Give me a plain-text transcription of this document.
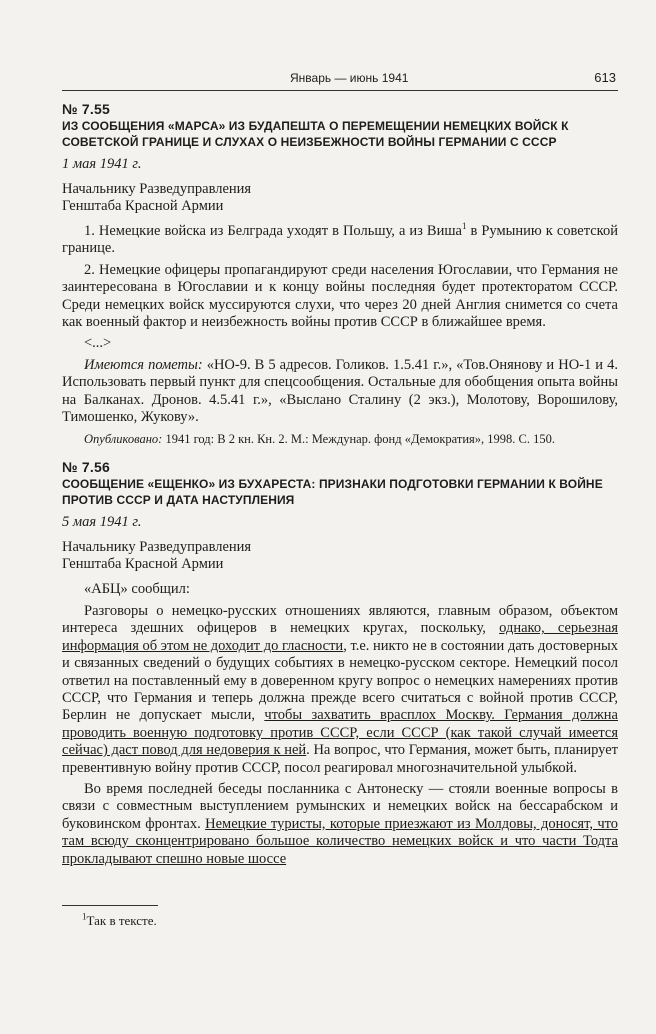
Январь — июнь 1941	613
№ 7.55
ИЗ СООБЩЕНИЯ «МАРСА» ИЗ БУДАПЕШТА О ПЕРЕМЕЩЕНИИ НЕМЕЦКИХ ВОЙСК К СОВЕТСКОЙ ГРАНИЦЕ И СЛУХАХ О НЕИЗБЕЖНОСТИ ВОЙНЫ ГЕРМАНИИ С СССР
1 мая 1941 г.
Начальнику Разведуправления
Генштаба Красной Армии

1. Немецкие войска из Белграда уходят в Польшу, а из Виша$^1$ в Румынию к советской границе.

2. Немецкие офицеры пропагандируют среди населения Югославии, что Германия не заинтересована в Югославии и к концу войны последняя будет протекторатом СССР. Среди немецких войск муссируются слухи, что через 20 дней Англия снимется со счета как военный фактор и неизбежность войны против СССР в ближайшее время.

<...>

Имеются пометы: «НО-9. В 5 адресов. Голиков. 1.5.41 г.», «Тов.Онянову и НО-1 и 4. Использовать первый пункт для спецсообщения. Остальные для обобщения опыта войны на Балканах. Дронов. 4.5.41 г.», «Выслано Сталину (2 экз.), Молотову, Ворошилову, Тимошенко, Жукову».

Опубликовано: 1941 год: В 2 кн. Кн. 2. М.: Междунар. фонд «Демократия», 1998. С. 150.

№ 7.56
СООБЩЕНИЕ «ЕЩЕНКО» ИЗ БУХАРЕСТА: ПРИЗНАКИ ПОДГОТОВКИ ГЕРМАНИИ К ВОЙНЕ ПРОТИВ СССР И ДАТА НАСТУПЛЕНИЯ
5 мая 1941 г.
Начальнику Разведуправления
Генштаба Красной Армии

«АБЦ» сообщил:

Разговоры о немецко-русских отношениях являются, главным образом, объектом интереса здешних офицеров в немецких кругах, поскольку, однако, серьезная информация об этом не доходит до гласности, т.е. никто не в состоянии дать достоверных и связанных сведений о будущих событиях в немецко-русском секторе. Немецкий посол ответил на поставленный ему в доверенном кругу вопрос о немецких намерениях против СССР, что Германия и теперь должна прежде всего считаться с войной против СССР, Берлин не допускает мысли, чтобы захватить врасплох Москву. Германия должна проводить военную подготовку против СССР, если СССР (как такой случай имеется сейчас) даст повод для недоверия к ней. На вопрос, что Германия, может быть, планирует превентивную войну против СССР, посол реагировал многозначительной улыбкой.

Во время последней беседы посланника с Антонеску — стояли военные вопросы в связи с совместным выступлением румынских и немецких войск на бессарабском и буковинском фронтах. Немецкие туристы, которые приезжают из Молдовы, доносят, что там всюду сконцентрировано большое количество немецких войск и что части Тодта прокладывают спешно новые шоссе

$^1$Так в тексте.
